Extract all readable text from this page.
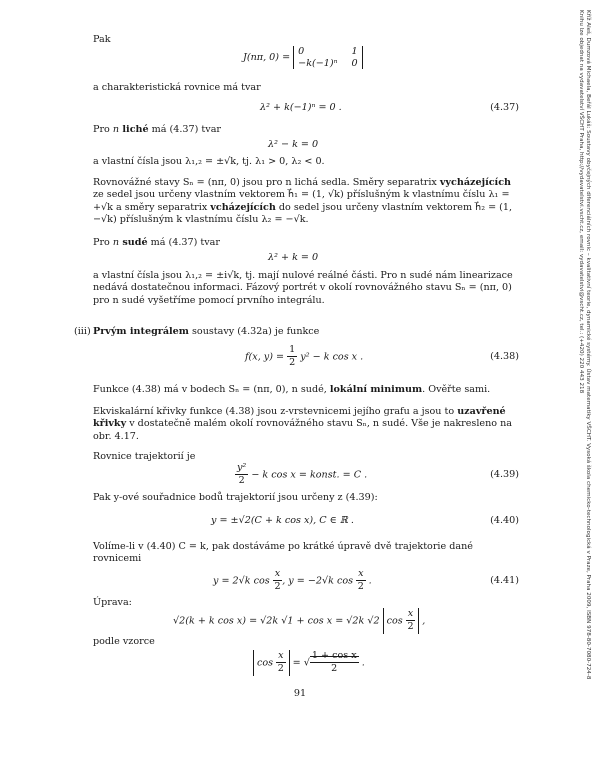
Pak

J(nπ, 0) =
0	1
−k(−1)ⁿ 0

a charakteristická rovnice má tvar

λ² + k(−1)ⁿ = 0 .	(4.37)

Pro n liché má (4.37) tvar

λ² − k = 0

a vlastní čísla jsou λ₁,₂ = ±√k, tj. λ₁ > 0, λ₂ < 0.

Rovnovážné stavy Sₙ = (nπ, 0) jsou pro n lichá sedla. Směry separatrix vycházejících ze sedel jsou určeny vlastním vektorem h⃗₁ = (1, √k) příslušným k vlastnímu číslu λ₁ = +√k a směry separatrix vcházejících do sedel jsou určeny vlastním vektorem h⃗₂ = (1, −√k) příslušným k vlastnímu číslu λ₂ = −√k.

Pro n sudé má (4.37) tvar

λ² + k = 0

a vlastní čísla jsou λ₁,₂ = ±i√k, tj. mají nulové reálné části. Pro n sudé nám linearizace nedává dostatečnou informaci. Fázový portrét v okolí rovnovážného stavu Sₙ = (nπ, 0) pro n sudé vyšetříme pomocí prvního integrálu.

(iii) Prvým integrálem soustavy (4.32a) je funkce

f(x, $y) = \frac{1}{2} y^2 - k$ cos x .	(4.38)

Funkce (4.38) má v bodech Sₙ = (nπ, 0), n sudé, lokální minimum. Ověřte sami.

Ekviskalární křivky funkce (4.38) jsou z-vrstevnicemi jejího grafu a jsou to uzavřené křivky v dostatečně malém okolí rovnovážného stavu Sₙ, n sudé. Vše je nakresleno na obr. 4.17.

Rovnice trajektorií je

$\frac{\text{y²}}{2} - k$ cos x = konst. = C .	(4.39)

Pak y-ové souřadnice bodů trajektorií jsou určeny z (4.39):

y = ±√2(C + k cos x), C ∈ ℝ .	(4.40)

Volíme-li v (4.40) C = k, pak dostáváme po krátké úpravě dvě trajektorie dané rovnicemi

y = 2√k $\cos \frac{x}{2}$ , y = −2√k $\cos \frac{x}{2}$ .	(4.41)

Úprava:

√2(k + k cos x) = √2k √1 + cos x = √2k √2 $\cos \frac{x}{2}$ ,

podle vzorce

$\cos \frac{x}{2}$ = √ $\frac{\text{1 + cos x}}{2}$ .
91
Kříž Aleš, Dumzová Michaela, Beřál Lukáš: Soustavy obyčejných diferenciálních rovnic – kvalitativní teorie, dynamické systémy. Ústav matematiky VŠCHT. Vysoká škola chemicko-technologická v Praze, Praha 2009, ISBN 978-80-7080-724-8
Knihu lze objednat na vydavatelství VŠCHT Praha, http://vydavatelstvi.vscht.cz, email: vydavatelstvi@vscht.cz, tel.: (+420) 220 443 218
